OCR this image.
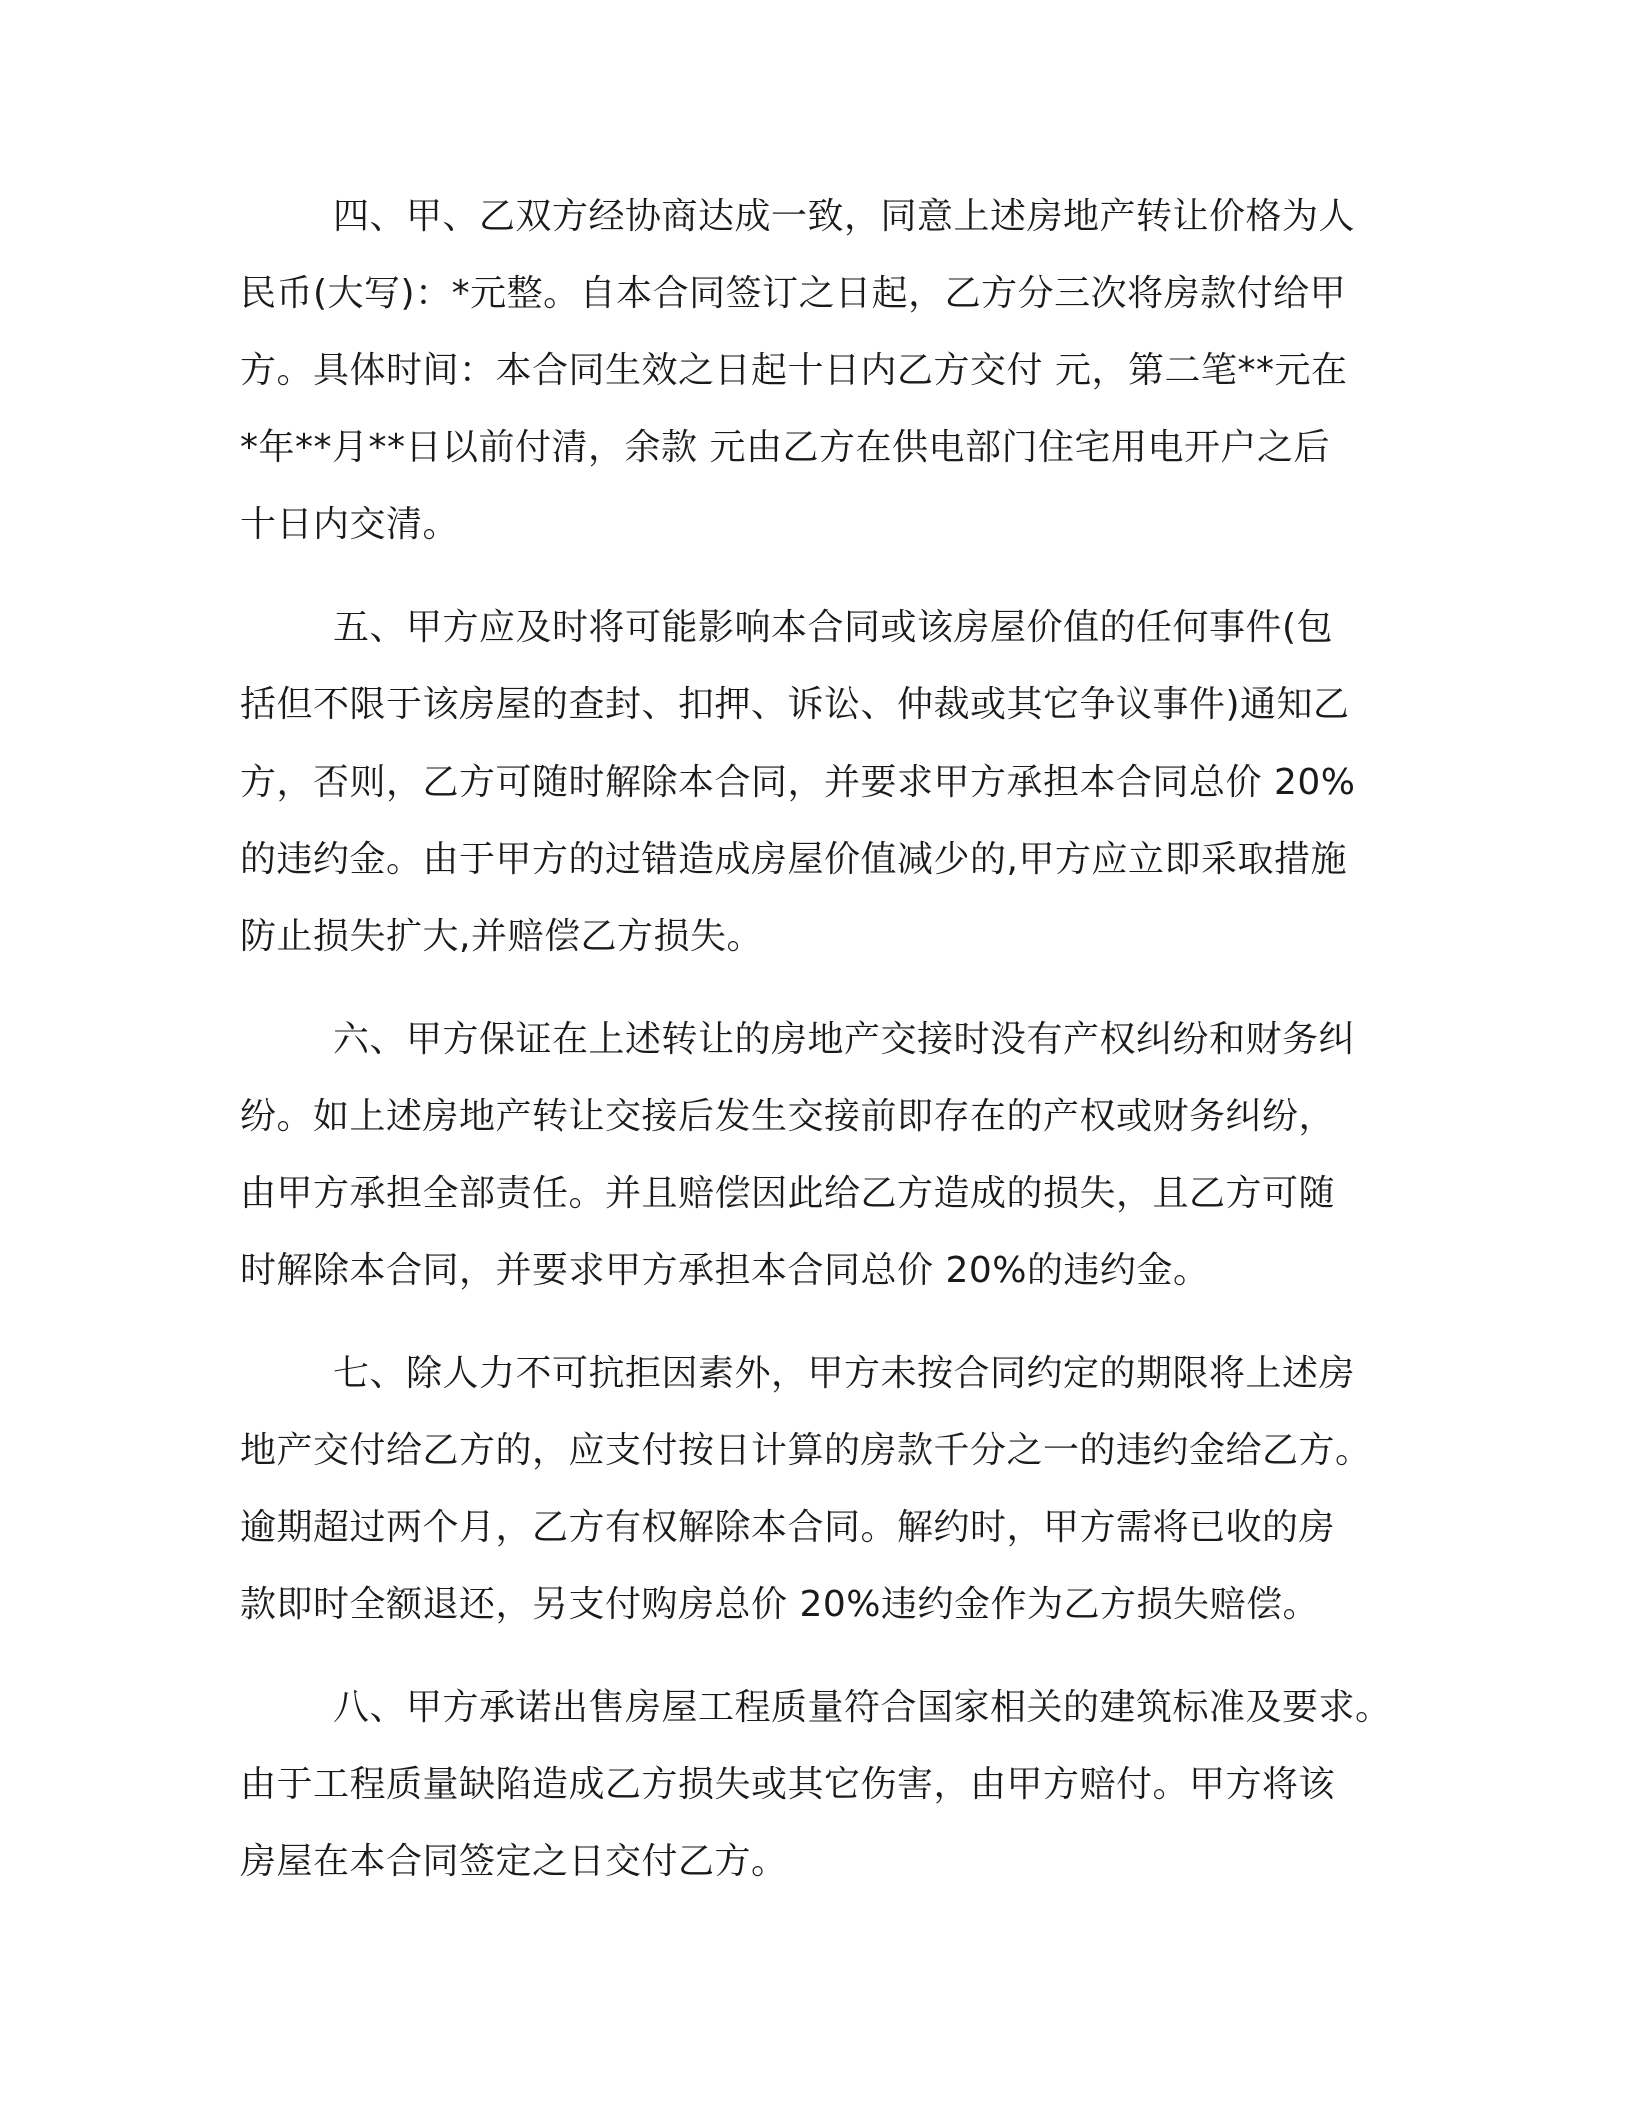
四、甲、乙双方经协商达成一致，同意上述房地产转让价格为人

民币(大写)：*元整。自本合同签订之日起，乙方分三次将房款付给甲

方。具体时间：本合同生效之日起十日内乙方交付 元，第二笔**元在

*年**月**日以前付清，余款 元由乙方在供电部门住宅用电开户之后

十日内交清。

五、甲方应及时将可能影响本合同或该房屋价值的任何事件(包

括但不限于该房屋的查封、扣押、诉讼、仲裁或其它争议事件)通知乙

方，否则，乙方可随时解除本合同，并要求甲方承担本合同总价 20%

的违约金。由于甲方的过错造成房屋价值减少的,甲方应立即采取措施

防止损失扩大,并赔偿乙方损失。

六、甲方保证在上述转让的房地产交接时没有产权纠纷和财务纠

纷。如上述房地产转让交接后发生交接前即存在的产权或财务纠纷，

由甲方承担全部责任。并且赔偿因此给乙方造成的损失，且乙方可随

时解除本合同，并要求甲方承担本合同总价 20%的违约金。

七、除人力不可抗拒因素外，甲方未按合同约定的期限将上述房

地产交付给乙方的，应支付按日计算的房款千分之一的违约金给乙方。

逾期超过两个月，乙方有权解除本合同。解约时，甲方需将已收的房

款即时全额退还，另支付购房总价 20%违约金作为乙方损失赔偿。

八、甲方承诺出售房屋工程质量符合国家相关的建筑标准及要求。

由于工程质量缺陷造成乙方损失或其它伤害，由甲方赔付。甲方将该

房屋在本合同签定之日交付乙方。
